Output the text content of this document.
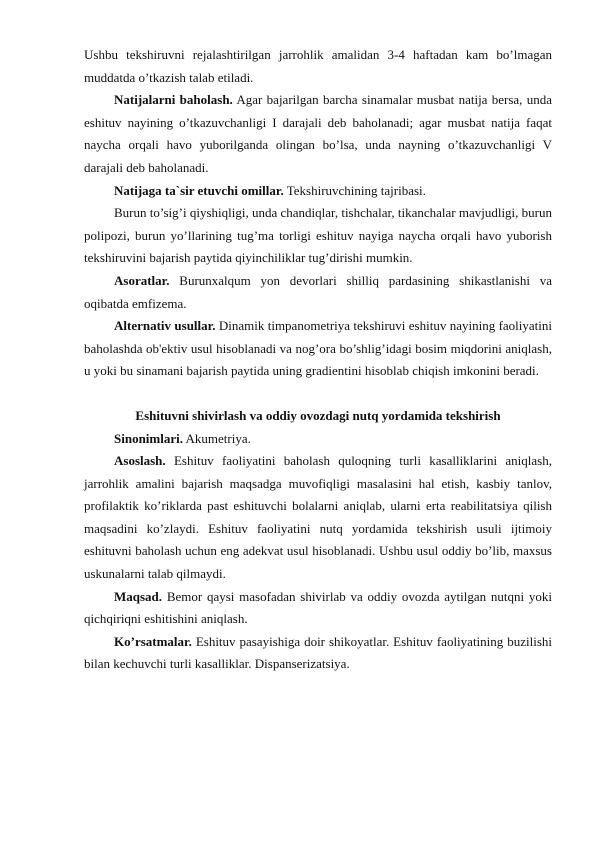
Ushbu tekshiruvni rejalashtirilgan jarrohlik amalidan 3-4 haftadan kam bo’lmagan muddatda o’tkazish talab etiladi.

Natijalarni baholash. Agar bajarilgan barcha sinamalar musbat natija bersa, unda eshituv nayining o’tkazuvchanligi I darajali deb baholanadi; agar musbat natija faqat naycha orqali havo yuborilganda olingan bo’lsa, unda nayning o’tkazuvchanligi V darajali deb baholanadi.

Natijaga ta`sir etuvchi omillar. Tekshiruvchining tajribasi.

Burun to’sig’i qiyshiqligi, unda chandiqlar, tishchalar, tikanchalar mavjudligi, burun polipozi, burun yo’llarining tug’ma torligi eshituv nayiga naycha orqali havo yuborish tekshiruvini bajarish paytida qiyinchiliklar tug’dirishi mumkin.

Asoratlar. Burunxalqum yon devorlari shilliq pardasining shikastlanishi va oqibatda emfizema.

Alternativ usullar. Dinamik timpanometriya tekshiruvi eshituv nayining faoliyatini baholashda ob'ektiv usul hisoblanadi va nog’ora bo’shlig’idagi bosim miqdorini aniqlash, u yoki bu sinamani bajarish paytida uning gradientini hisoblab chiqish imkonini beradi.

Eshituvni shivirlash va oddiy ovozdagi nutq yordamida tekshirish

Sinonimlari. Akumetriya.

Asoslash. Eshituv faoliyatini baholash quloqning turli kasalliklarini aniqlash, jarrohlik amalini bajarish maqsadga muvofiqligi masalasini hal etish, kasbiy tanlov, profilaktik ko’riklarda past eshituvchi bolalarni aniqlab, ularni erta reabilitatsiya qilish maqsadini ko’zlaydi. Eshituv faoliyatini nutq yordamida tekshirish usuli ijtimoiy eshituvni baholash uchun eng adekvat usul hisoblanadi. Ushbu usul oddiy bo’lib, maxsus uskunalarni talab qilmaydi.

Maqsad. Bemor qaysi masofadan shivirlab va oddiy ovozda aytilgan nutqni yoki qichqiriqni eshitishini aniqlash.

Ko’rsatmalar. Eshituv pasayishiga doir shikoyatlar. Eshituv faoliyatining buzilishi bilan kechuvchi turli kasalliklar. Dispanserizatsiya.
